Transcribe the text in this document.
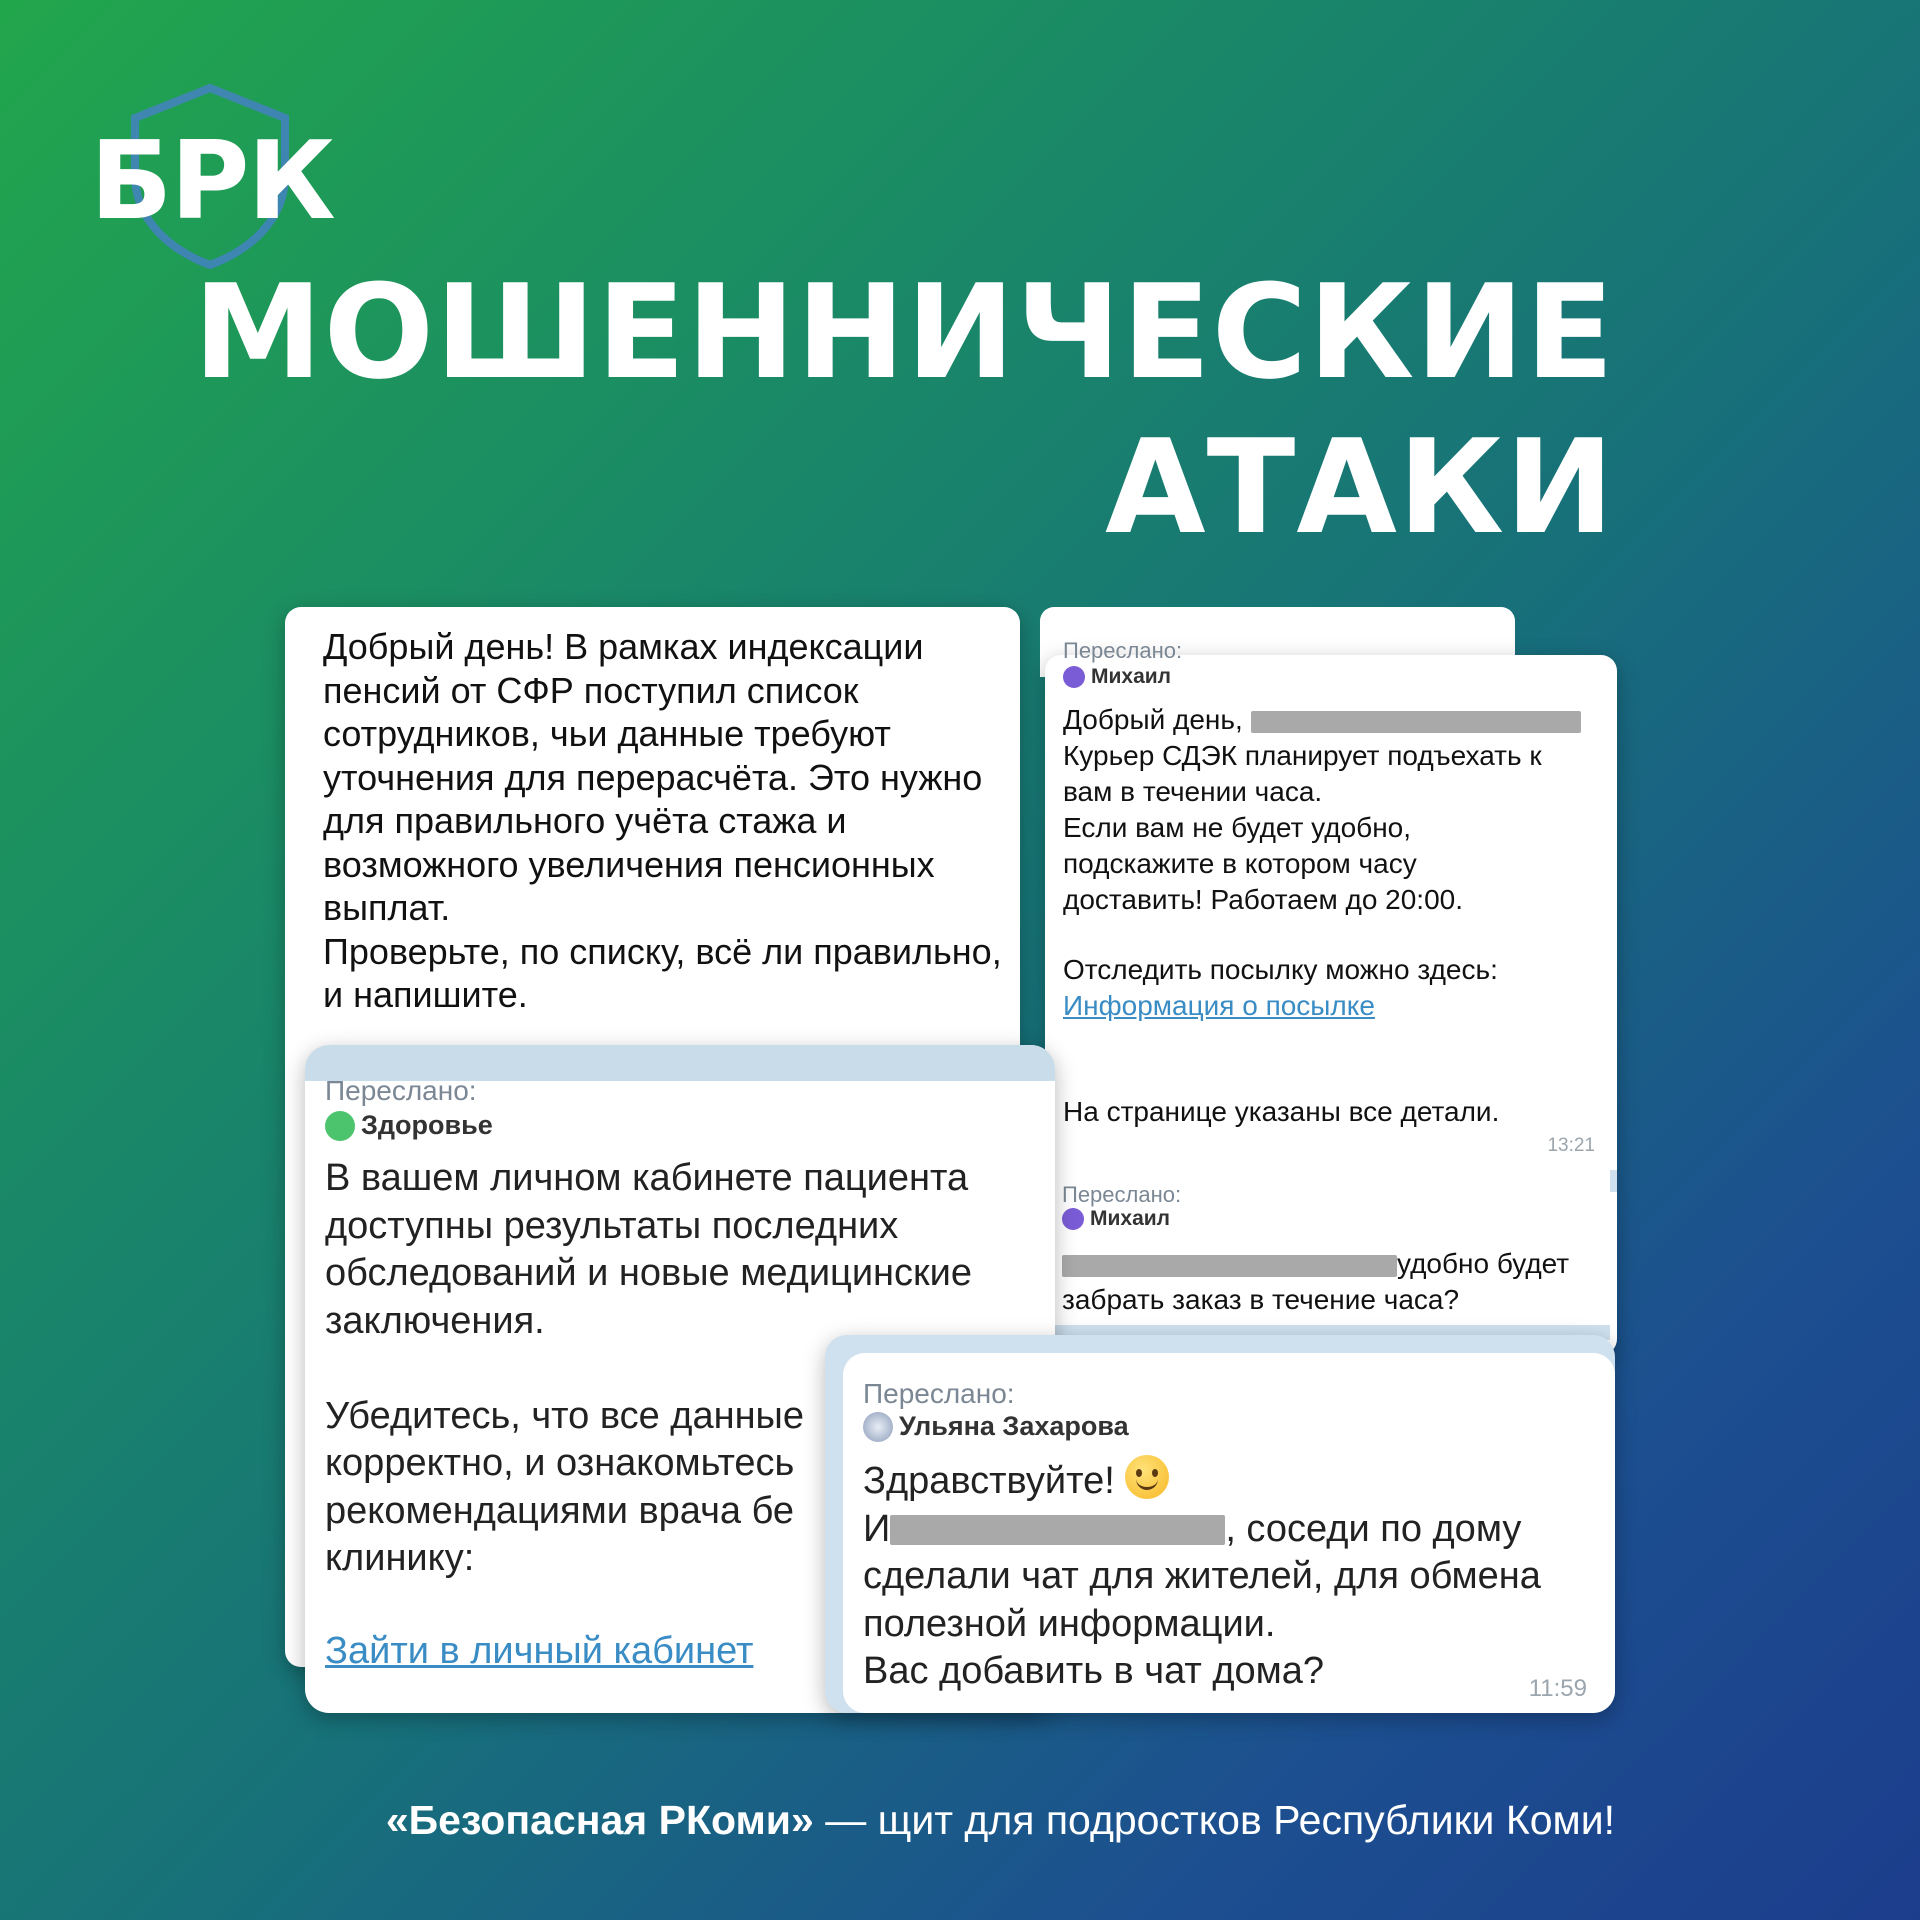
БРК
МОШЕННИЧЕСКИЕ
АТАКИ
Добрый день! В рамках индексации
пенсий от СФР поступил список
сотрудников, чьи данные требуют
уточнения для перерасчёта. Это нужно
для правильного учёта стажа и
возможного увеличения пенсионных
выплат.
Проверьте, по списку, всё ли правильно,
и напишите.
Добрый день,
Курьер СДЭК планирует подъехать к
вам в течении часа.
Если вам не будет удобно,
подскажите в котором часу
доставить! Работаем до 20:00.
Отследить посылку можно здесь:
Информация о посылке
На странице указаны все детали.
13:21
Переслано:
Михаил
Переслано:
Михаил
удобно будет
забрать заказ в течение часа?
Переслано:
Здоровье
В вашем личном кабинете пациента
доступны результаты последних
обследований и новые медицинские
заключения.
Убедитесь, что все данные
корректно, и ознакомьтесь
рекомендациями врача бе
клинику:
Зайти в личный кабинет
Переслано:
Ульяна Захарова
Здравствуйте!
И	, соседи по дому
сделали чат для жителей, для обмена
полезной информации.
Вас добавить в чат дома?	11:59
«Безопасная РКоми» — щит для подростков Республики Коми!
